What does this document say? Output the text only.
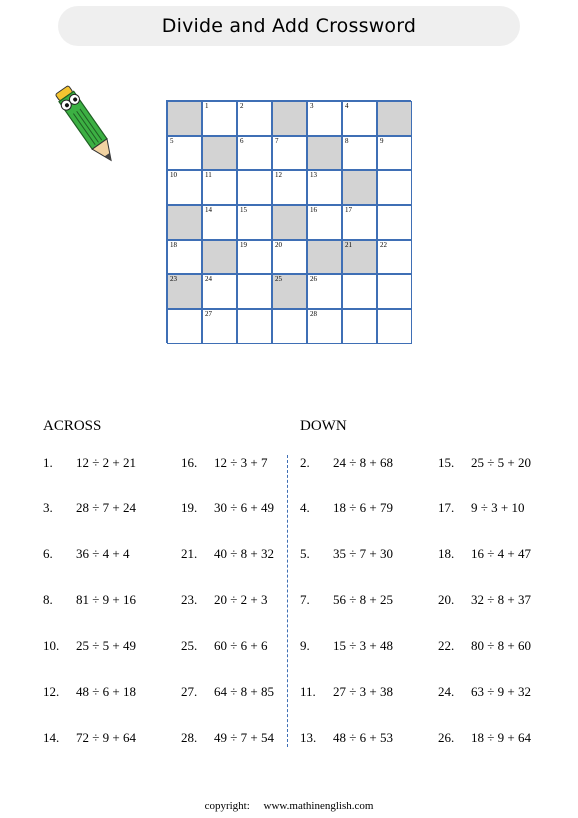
Divide and Add Crossword
1	2	3	4
5	6	7	8	9
10	11	12	13
14	15	16	17
18	19	20	21	22
23	24	25	26
27	28
ACROSS	DOWN
1. 12 ÷ 2 + 21
3. 28 ÷ 7 + 24
6. 36 ÷ 4 + 4
8. 81 ÷ 9 + 16
10. 25 ÷ 5 + 49
12. 48 ÷ 6 + 18
14. 72 ÷ 9 + 64
16. 12 ÷ 3 + 7
19. 30 ÷ 6 + 49
21. 40 ÷ 8 + 32
23. 20 ÷ 2 + 3
25. 60 ÷ 6 + 6
27. 64 ÷ 8 + 85
28. 49 ÷ 7 + 54
2. 24 ÷ 8 + 68
4. 18 ÷ 6 + 79
5. 35 ÷ 7 + 30
7. 56 ÷ 8 + 25
9. 15 ÷ 3 + 48
11. 27 ÷ 3 + 38
13. 48 ÷ 6 + 53
15. 25 ÷ 5 + 20
17. 9 ÷ 3 + 10
18. 16 ÷ 4 + 47
20. 32 ÷ 8 + 37
22. 80 ÷ 8 + 60
24. 63 ÷ 9 + 32
26. 18 ÷ 9 + 64
copyright:     www.mathinenglish.com
